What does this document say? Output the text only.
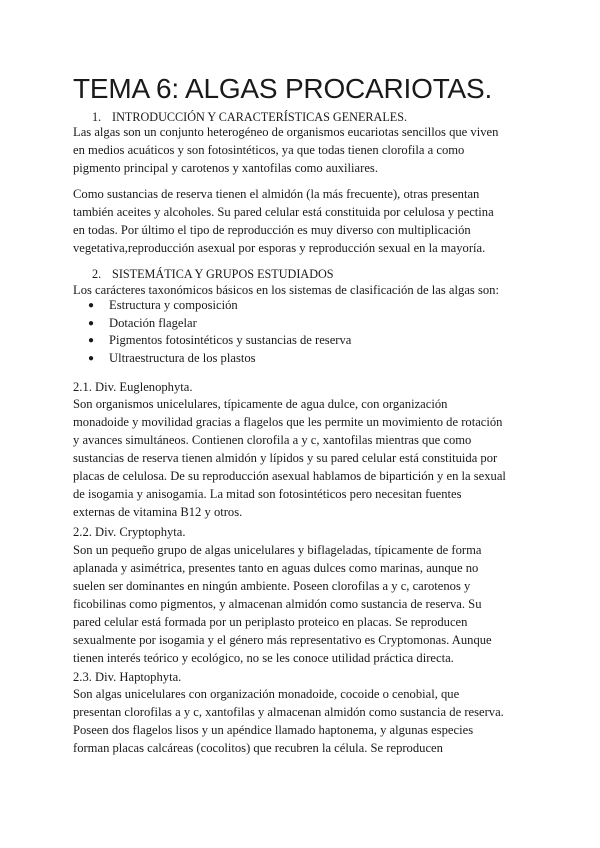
TEMA 6: ALGAS PROCARIOTAS.
1. INTRODUCCIÓN Y CARACTERÍSTICAS GENERALES.

Las algas son un conjunto heterogéneo de organismos eucariotas sencillos que viven
en medios acuáticos y son fotosintéticos, ya que todas tienen clorofila a como
pigmento principal y carotenos y xantofilas como auxiliares.

Como sustancias de reserva tienen el almidón (la más frecuente), otras presentan
también aceites y alcoholes. Su pared celular está constituida por celulosa y pectina
en todas. Por último el tipo de reproducción es muy diverso con multiplicación
vegetativa,reproducción asexual por esporas y reproducción sexual en la mayoría.

2. SISTEMÁTICA Y GRUPOS ESTUDIADOS

Los carácteres taxonómicos básicos en los sistemas de clasificación de las algas son:

● Estructura y composición
● Dotación flagelar
● Pigmentos fotosintéticos y sustancias de reserva
● Ultraestructura de los plastos

2.1. Div. Euglenophyta.

Son organismos unicelulares, típicamente de agua dulce, con organización
monadoide y movilidad gracias a flagelos que les permite un movimiento de rotación
y avances simultáneos. Contienen clorofila a y c, xantofilas mientras que como
sustancias de reserva tienen almidón y lípidos y su pared celular está constituida por
placas de celulosa. De su reproducción asexual hablamos de bipartición y en la sexual
de isogamia y anisogamia. La mitad son fotosintéticos pero necesitan fuentes
externas de vitamina B12 y otros.

2.2. Div. Cryptophyta.

Son un pequeño grupo de algas unicelulares y biflageladas, típicamente de forma
aplanada y asimétrica, presentes tanto en aguas dulces como marinas, aunque no
suelen ser dominantes en ningún ambiente. Poseen clorofilas a y c, carotenos y
ficobilinas como pigmentos, y almacenan almidón como sustancia de reserva. Su
pared celular está formada por un periplasto proteico en placas. Se reproducen
sexualmente por isogamia y el género más representativo es Cryptomonas. Aunque
tienen interés teórico y ecológico, no se les conoce utilidad práctica directa.

2.3. Div. Haptophyta.

Son algas unicelulares con organización monadoide, cocoide o cenobial, que
presentan clorofilas a y c, xantofilas y almacenan almidón como sustancia de reserva.
Poseen dos flagelos lisos y un apéndice llamado haptonema, y algunas especies
forman placas calcáreas (cocolitos) que recubren la célula. Se reproducen
